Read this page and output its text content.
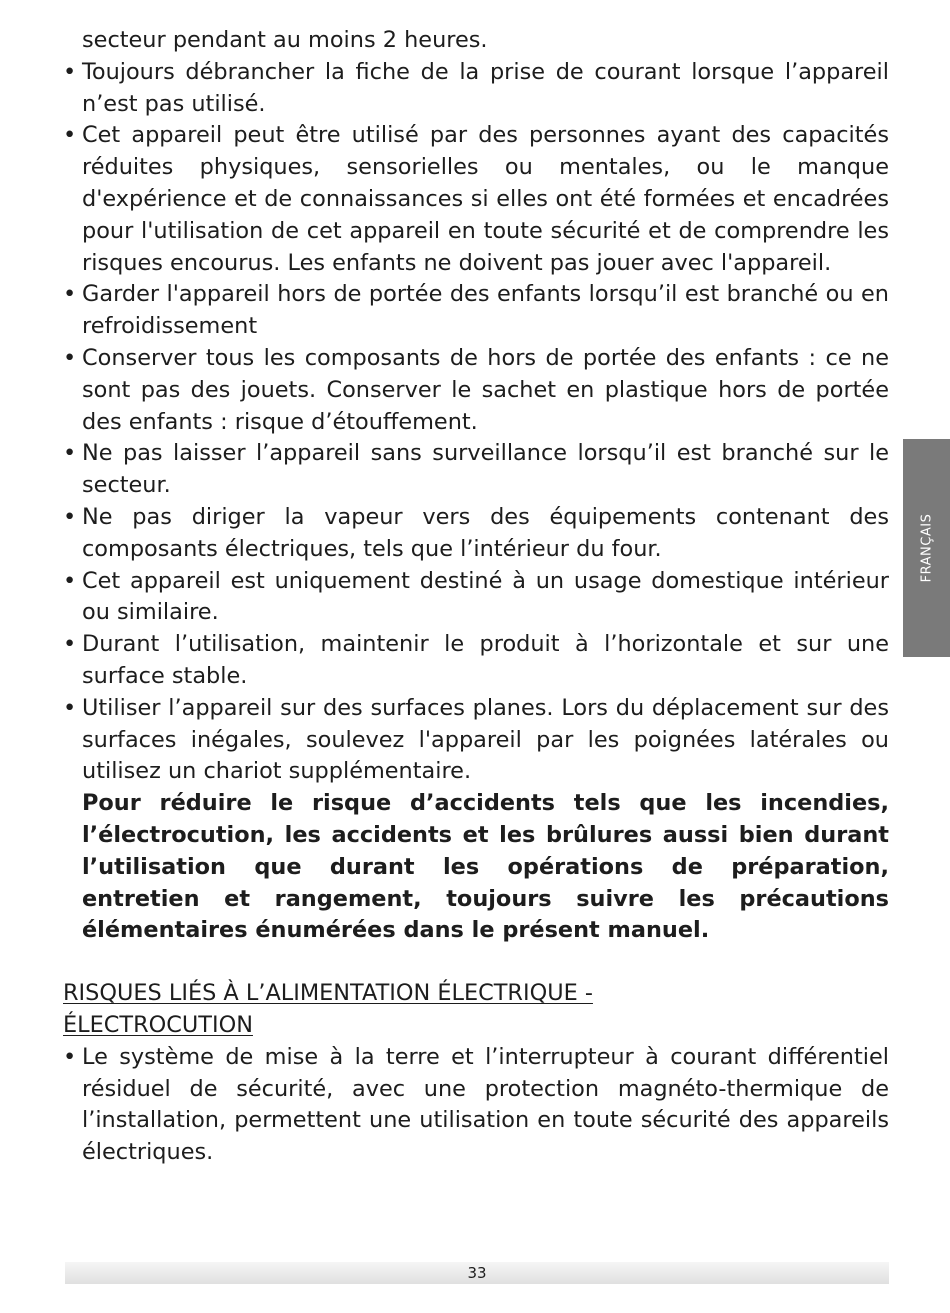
secteur pendant au moins 2 heures.
• Toujours débrancher la fiche de la prise de courant lorsque l’appareil n’est pas utilisé.
• Cet appareil peut être utilisé par des personnes ayant des capacités réduites physiques, sensorielles ou mentales, ou le manque d'expérience et de connaissances si elles ont été formées et encadrées pour l'utilisation de cet appareil en toute sécurité et de comprendre les risques encourus. Les enfants ne doivent pas jouer avec l'appareil.
• Garder l'appareil hors de portée des enfants lorsqu’il est branché ou en refroidissement
• Conserver tous les composants de hors de portée des enfants : ce ne sont pas des jouets. Conserver le sachet en plastique hors de portée des enfants : risque d’étouffement.
• Ne pas laisser l’appareil sans surveillance lorsqu’il est branché sur le secteur.
• Ne pas diriger la vapeur vers des équipements contenant des composants électriques, tels que l’intérieur du four.
• Cet appareil est uniquement destiné à un usage domestique intérieur ou similaire.
• Durant l’utilisation, maintenir le produit à l’horizontale et sur une surface stable.
• Utiliser l’appareil sur des surfaces planes. Lors du déplacement sur des surfaces inégales, soulevez l'appareil par les poignées latérales ou utilisez un chariot supplémentaire.
Pour réduire le risque d’accidents tels que les incendies, l’électrocution, les accidents et les brûlures aussi bien durant l’utilisation que durant les opérations de préparation, entretien et rangement, toujours suivre les précautions élémentaires énumérées dans le présent manuel.
RISQUES LIÉS À L’ALIMENTATION ÉLECTRIQUE - ÉLECTROCUTION
• Le système de mise à la terre et l’interrupteur à courant différentiel résiduel de sécurité, avec une protection magnéto-thermique de l’installation, permettent une utilisation en toute sécurité des appareils électriques.
FRANÇAIS
33
